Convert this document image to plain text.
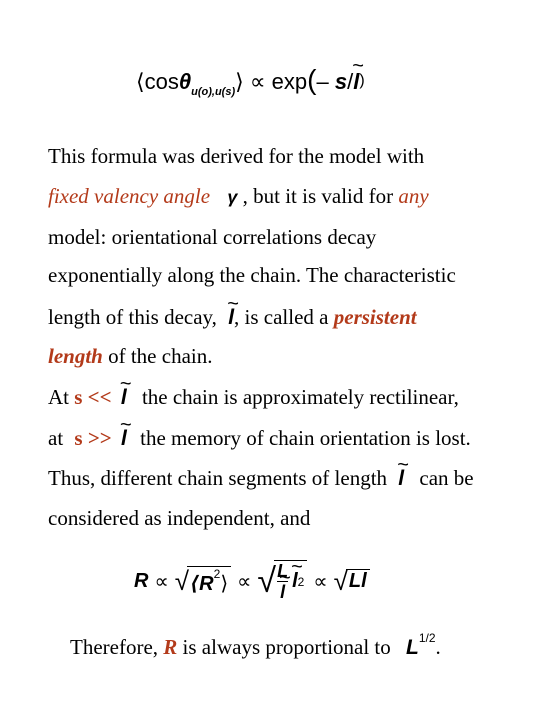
⟨cosθ$_{u(o),u(s)}$⟩ ∝ exp(– s/~ l)
This formula was derived for the model with
fixed valency angle γ , but it is valid for any
model: orientational correlations decay
exponentially along the chain. The characteristic
length of this decay, ~ l, is called a persistent
length of the chain.
At s << ~ l the chain is approximately rectilinear,
at s >> ~ l the memory of chain orientation is lost.
Thus, different chain segments of length ~ l can be
considered as independent, and
R ∝ √ $⟨R^2⟩$ ∝ √ L
~ l ~ l 2 ∝ √ Ll
Therefore, R is always proportional to $L^{1/2}$.
